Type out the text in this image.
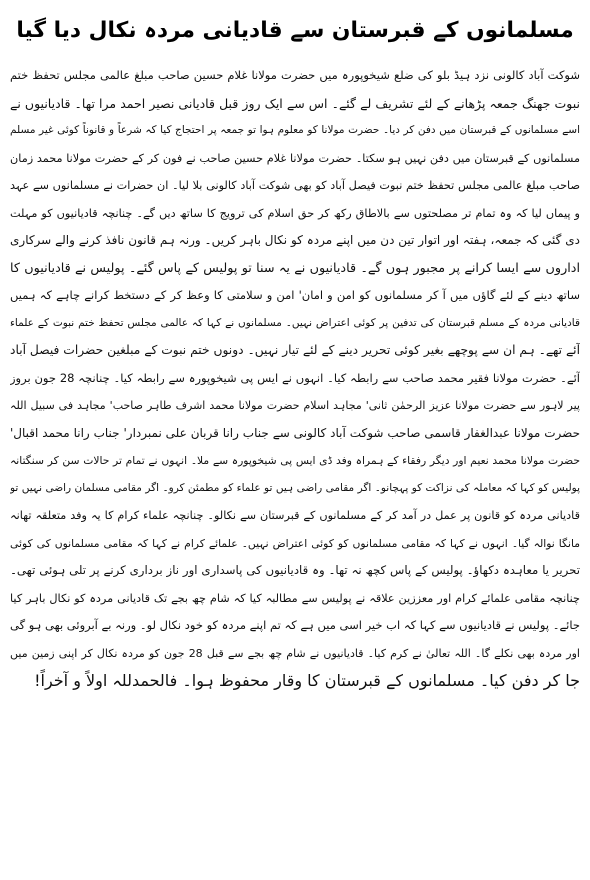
مسلمانوں کے قبرستان سے قادیانی مردہ نکال دیا گیا
شوکت آباد کالونی نزد ہیڈ بلو کی ضلع شیخوپورہ میں حضرت مولانا غلام حسین صاحب مبلغ عالمی مجلس تحفظ ختم
نبوت جھنگ جمعہ پڑھانے کے لئے تشریف لے گئے۔ اس سے ایک روز قبل قادیانی نصیر احمد مرا تھا۔ قادیانیوں نے
اسے مسلمانوں کے قبرستان میں دفن کر دیا۔ حضرت مولانا کو معلوم ہوا تو جمعہ پر احتجاج کیا کہ شرعاً و قانوناً کوئی غیر مسلم
مسلمانوں کے قبرستان میں دفن نہیں ہو سکتا۔ حضرت مولانا غلام حسین صاحب نے فون کر کے حضرت مولانا محمد زمان
صاحب مبلغ عالمی مجلس تحفظ ختم نبوت فیصل آباد کو بھی شوکت آباد کالونی بلا لیا۔ ان حضرات نے مسلمانوں سے عہد
و پیماں لیا کہ وہ تمام تر مصلحتوں سے بالاطاق رکھ کر حق اسلام کی ترویج کا ساتھ دیں گے۔ چنانچہ قادیانیوں کو مہلت
دی گئی کہ جمعہ، ہفتہ اور اتوار تین دن میں اپنے مردہ کو نکال باہر کریں۔ ورنہ ہم قانون نافذ کرنے والے سرکاری
اداروں سے ایسا کرانے پر مجبور ہوں گے۔ قادیانیوں نے یہ سنا تو پولیس کے پاس گئے۔ پولیس نے قادیانیوں کا
ساتھ دینے کے لئے گاؤں میں آ کر مسلمانوں کو امن و امان' امن و سلامتی کا وعظ کر کے دستخط کرانے چاہے کہ ہمیں
قادیانی مردہ کے مسلم قبرستان کی تدفین پر کوئی اعتراض نہیں۔ مسلمانوں نے کہا کہ عالمی مجلس تحفظ ختم نبوت کے علماء
آئے تھے۔ ہم ان سے پوچھے بغیر کوئی تحریر دینے کے لئے تیار نہیں۔ دونوں ختم نبوت کے مبلغین حضرات فیصل آباد
آئے۔ حضرت مولانا فقیر محمد صاحب سے رابطہ کیا۔ انہوں نے ایس پی شیخوپورہ سے رابطہ کیا۔ چنانچہ 28 جون بروز
پیر لاہور سے حضرت مولانا عزیز الرحمٰن ثانی' مجاہد اسلام حضرت مولانا محمد اشرف طاہر صاحب' مجاہد فی سبیل اللہ
حضرت مولانا عبدالغفار قاسمی صاحب شوکت آباد کالونی سے جناب رانا قربان علی نمبردار' جناب رانا محمد اقبال'
حضرت مولانا محمد نعیم اور دیگر رفقاء کے ہمراہ وفد ڈی ایس پی شیخوپورہ سے ملا۔ انہوں نے تمام تر حالات سن کر سنگتانہ
پولیس کو کہا کہ معاملہ کی نزاکت کو پہچانو۔ اگر مقامی راضی ہیں تو علماء کو مطمئن کرو۔ اگر مقامی مسلمان راضی نہیں تو
قادیانی مردہ کو قانون پر عمل در آمد کر کے مسلمانوں کے قبرستان سے نکالو۔ چنانچہ علماء کرام کا یہ وفد متعلقہ تھانہ
مانگا نوالہ گیا۔ انہوں نے کہا کہ مقامی مسلمانوں کو کوئی اعتراض نہیں۔ علمائے کرام نے کہا کہ مقامی مسلمانوں کی کوئی
تحریر یا معاہدہ دکھاؤ۔ پولیس کے پاس کچھ نہ تھا۔ وہ قادیانیوں کی پاسداری اور ناز برداری کرنے پر تلی ہوئی تھی۔
چنانچہ مقامی علمائے کرام اور معززین علاقہ نے پولیس سے مطالبہ کیا کہ شام چھ بجے تک قادیانی مردہ کو نکال باہر کیا
جائے۔ پولیس نے قادیانیوں سے کہا کہ اب خیر اسی میں ہے کہ تم اپنے مردہ کو خود نکال لو۔ ورنہ بے آبروئی بھی ہو گی
اور مردہ بھی نکلے گا۔ اللہ تعالیٰ نے کرم کیا۔ قادیانیوں نے شام چھ بجے سے قبل 28 جون کو مردہ نکال کر اپنی زمین میں
جا کر دفن کیا۔ مسلمانوں کے قبرستان کا وقار محفوظ ہوا۔ فالحمدللہ اولاً و آخراً!
